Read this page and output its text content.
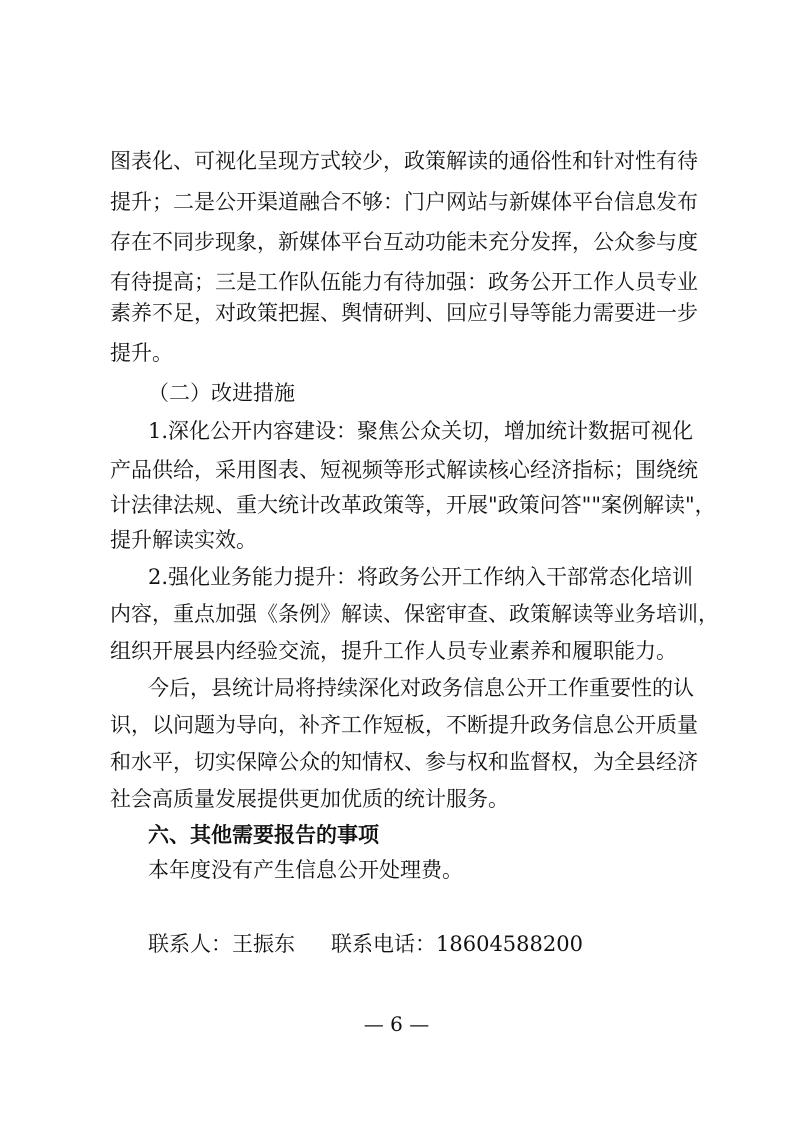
图表化、可视化呈现方式较少，政策解读的通俗性和针对性有待
提升；二是公开渠道融合不够：门户网站与新媒体平台信息发布
存在不同步现象，新媒体平台互动功能未充分发挥，公众参与度
有待提高；三是工作队伍能力有待加强：政务公开工作人员专业
素养不足，对政策把握、舆情研判、回应引导等能力需要进一步
提升。
（二）改进措施
1.深化公开内容建设：聚焦公众关切，增加统计数据可视化
产品供给，采用图表、短视频等形式解读核心经济指标；围绕统
计法律法规、重大统计改革政策等，开展"政策问答""案例解读"，
提升解读实效。
2.强化业务能力提升：将政务公开工作纳入干部常态化培训
内容，重点加强《条例》解读、保密审查、政策解读等业务培训，
组织开展县内经验交流，提升工作人员专业素养和履职能力。
今后，县统计局将持续深化对政务信息公开工作重要性的认
识，以问题为导向，补齐工作短板，不断提升政务信息公开质量
和水平，切实保障公众的知情权、参与权和监督权，为全县经济
社会高质量发展提供更加优质的统计服务。
六、其他需要报告的事项
本年度没有产生信息公开处理费。
联系人：王振东 联系电话：18604588200
— 6 —
